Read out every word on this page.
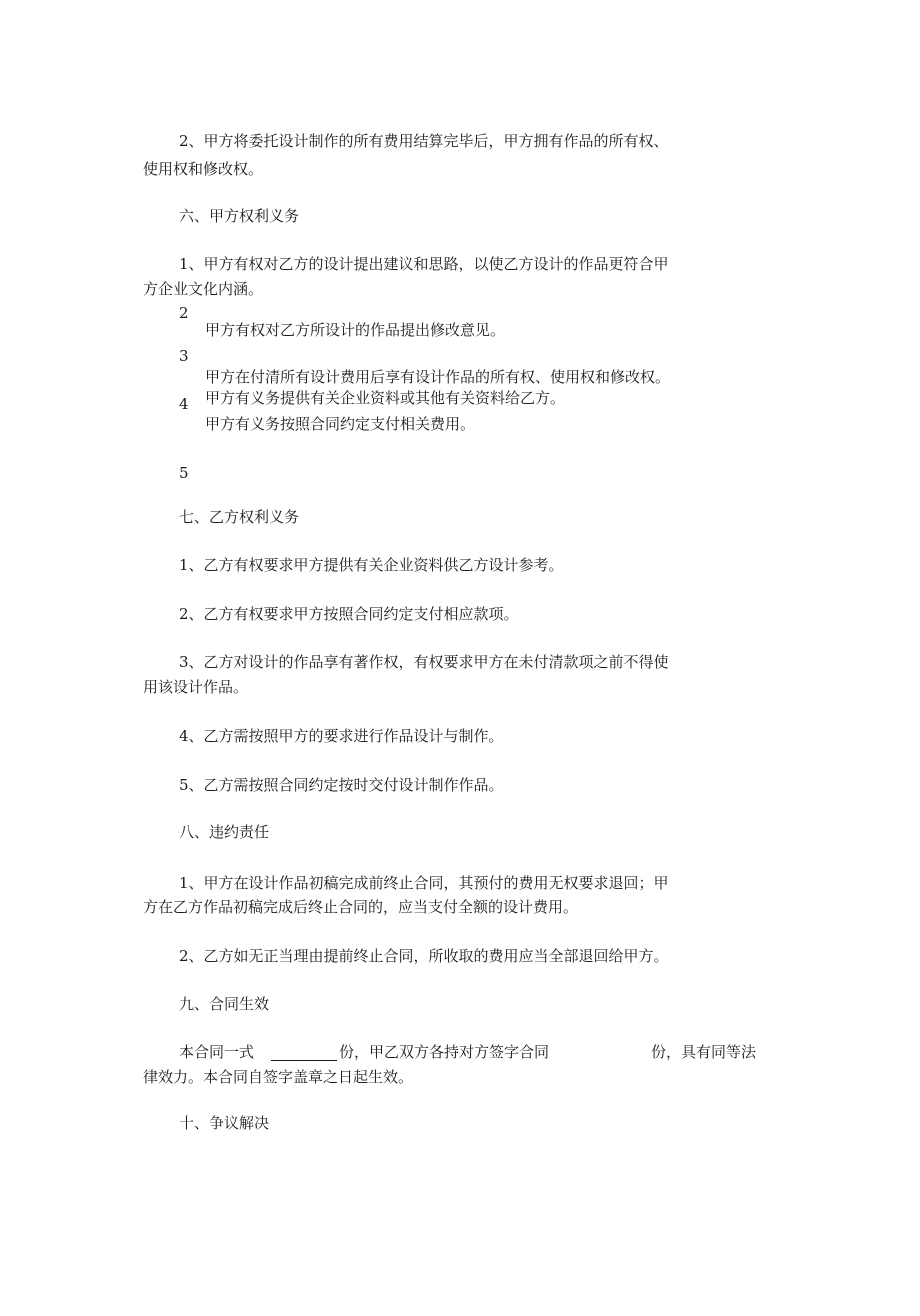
2、甲方将委托设计制作的所有费用结算完毕后，甲方拥有作品的所有权、

使用权和修改权。

六、甲方权利义务

1、甲方有权对乙方的设计提出建议和思路，以使乙方设计的作品更符合甲

方企业文化内涵。

2

甲方有权对乙方所设计的作品提出修改意见。

3

甲方在付清所有设计费用后享有设计作品的所有权、使用权和修改权。

4 甲方有义务提供有关企业资料或其他有关资料给乙方。

甲方有义务按照合同约定支付相关费用。

5

七、乙方权利义务

1、乙方有权要求甲方提供有关企业资料供乙方设计参考。

2、乙方有权要求甲方按照合同约定支付相应款项。

3、乙方对设计的作品享有著作权，有权要求甲方在未付清款项之前不得使

用该设计作品。

4、乙方需按照甲方的要求进行作品设计与制作。

5、乙方需按照合同约定按时交付设计制作作品。

八、违约责任

1、甲方在设计作品初稿完成前终止合同，其预付的费用无权要求退回；甲

方在乙方作品初稿完成后终止合同的，应当支付全额的设计费用。

2、乙方如无正当理由提前终止合同，所收取的费用应当全部退回给甲方。

九、合同生效

本合同一式	份，甲乙双方各持对方签字合同	份，具有同等法

律效力。本合同自签字盖章之日起生效。

十、争议解决
